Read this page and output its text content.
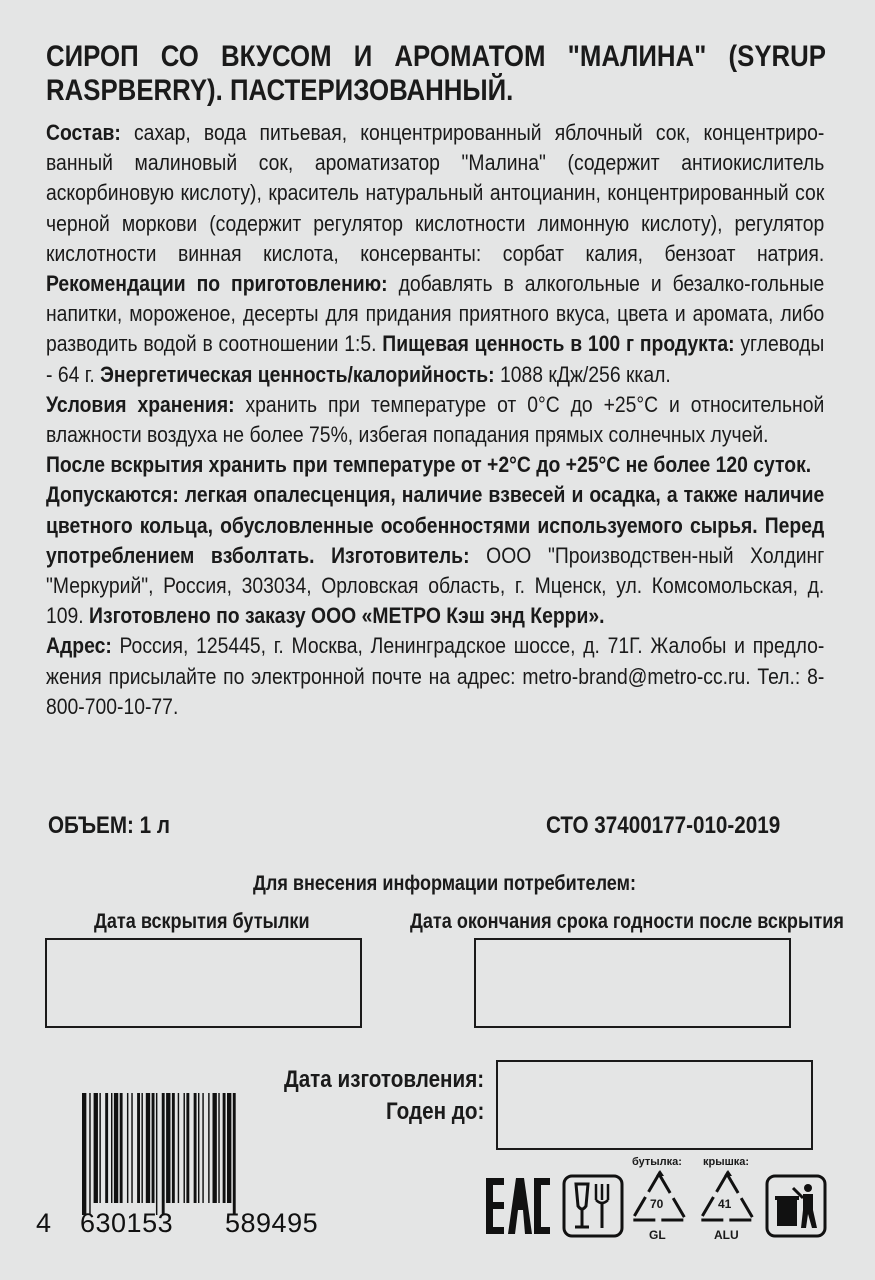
СИРОП СО ВКУСОМ И АРОМАТОМ "МАЛИНА" (SYRUP RASPBERRY). ПАСТЕРИЗОВАННЫЙ.

Состав: сахар, вода питьевая, концентрированный яблочный сок, концентриро-ванный малиновый сок, ароматизатор "Малина" (содержит антиокислитель аскорбиновую кислоту), краситель натуральный антоцианин, концентрированный сок черной моркови (содержит регулятор кислотности лимонную кислоту), регулятор кислотности винная кислота, консерванты: сорбат калия, бензоат натрия. Рекомендации по приготовлению: добавлять в алкогольные и безалко-гольные напитки, мороженое, десерты для придания приятного вкуса, цвета и аромата, либо разводить водой в соотношении 1:5. Пищевая ценность в 100 г продукта: углеводы - 64 г. Энергетическая ценность/калорийность: 1088 кДж/256 ккал.

Условия хранения: хранить при температуре от 0°С до +25°С и относительной влажности воздуха не более 75%, избегая попадания прямых солнечных лучей.

После вскрытия хранить при температуре от +2°С до +25°С не более 120 суток.

Допускаются: легкая опалесценция, наличие взвесей и осадка, а также наличие цветного кольца, обусловленные особенностями используемого сырья. Перед употреблением взболтать. Изготовитель: ООО "Производствен-ный Холдинг "Меркурий", Россия, 303034, Орловская область, г. Мценск, ул. Комсомольская, д. 109. Изготовлено по заказу ООО «МЕТРО Кэш энд Керри».

Адрес: Россия, 125445, г. Москва, Ленинградское шоссе, д. 71Г. Жалобы и предло-жения присылайте по электронной почте на адрес: metro-brand@metro-cc.ru. Тел.: 8-800-700-10-77.

ОБЪЕМ: 1 л	СТО 37400177-010-2019
Для внесения информации потребителем:
Дата вскрытия бутылки	Дата окончания срока годности после вскрытия
Дата изготовления:
Годен до:
4 630153 589495
бутылка: крышка:
70
GL
41
ALU
